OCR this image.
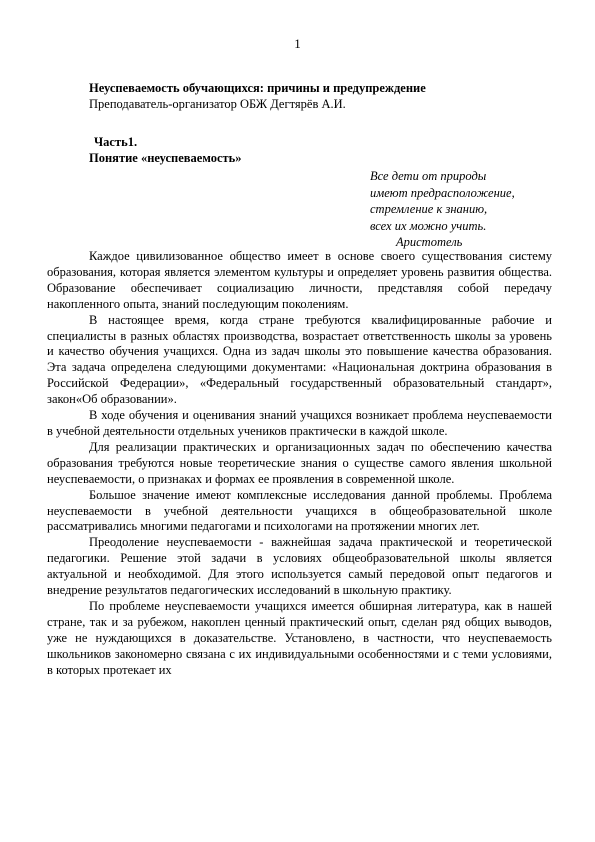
1
Неуспеваемость обучающихся: причины и предупреждение
Преподаватель-организатор ОБЖ Дегтярёв А.И.
Часть1.
Понятие «неуспеваемость»
Все дети от природы
имеют предрасположение,
стремление к знанию,
всех их можно учить.
Аристотель

Каждое цивилизованное общество имеет в основе своего существования систему образования, которая является элементом культуры и определяет уровень развития общества. Образование обеспечивает социализацию личности, представляя собой передачу накопленного опыта, знаний последующим поколениям.

В настоящее время, когда стране требуются квалифицированные рабочие и специалисты в разных областях производства, возрастает ответственность школы за уровень и качество обучения учащихся. Одна из задач школы это повышение качества образования. Эта задача определена следующими документами: «Национальная доктрина образования в Российской Федерации», «Федеральный государственный образовательный стандарт», закон«Об образовании».

В ходе обучения и оценивания знаний учащихся возникает проблема неуспеваемости в учебной деятельности отдельных учеников практически в каждой школе.

Для реализации практических и организационных задач по обеспечению качества образования требуются новые теоретические знания о существе самого явления школьной неуспеваемости, о признаках и формах ее проявления в современной школе.

Большое значение имеют комплексные исследования данной проблемы. Проблема неуспеваемости в учебной деятельности учащихся в общеобразовательной школе рассматривались многими педагогами и психологами на протяжении многих лет.

Преодоление неуспеваемости - важнейшая задача практической и теоретической педагогики. Решение этой задачи в условиях общеобразовательной школы является актуальной и необходимой. Для этого используется самый передовой опыт педагогов и внедрение результатов педагогических исследований в школьную практику.

По проблеме неуспеваемости учащихся имеется обширная литература, как в нашей стране, так и за рубежом, накоплен ценный практический опыт, сделан ряд общих выводов, уже не нуждающихся в доказательстве. Установлено, в частности, что неуспеваемость школьников закономерно связана с их индивидуальными особенностями и с теми условиями, в которых протекает их
